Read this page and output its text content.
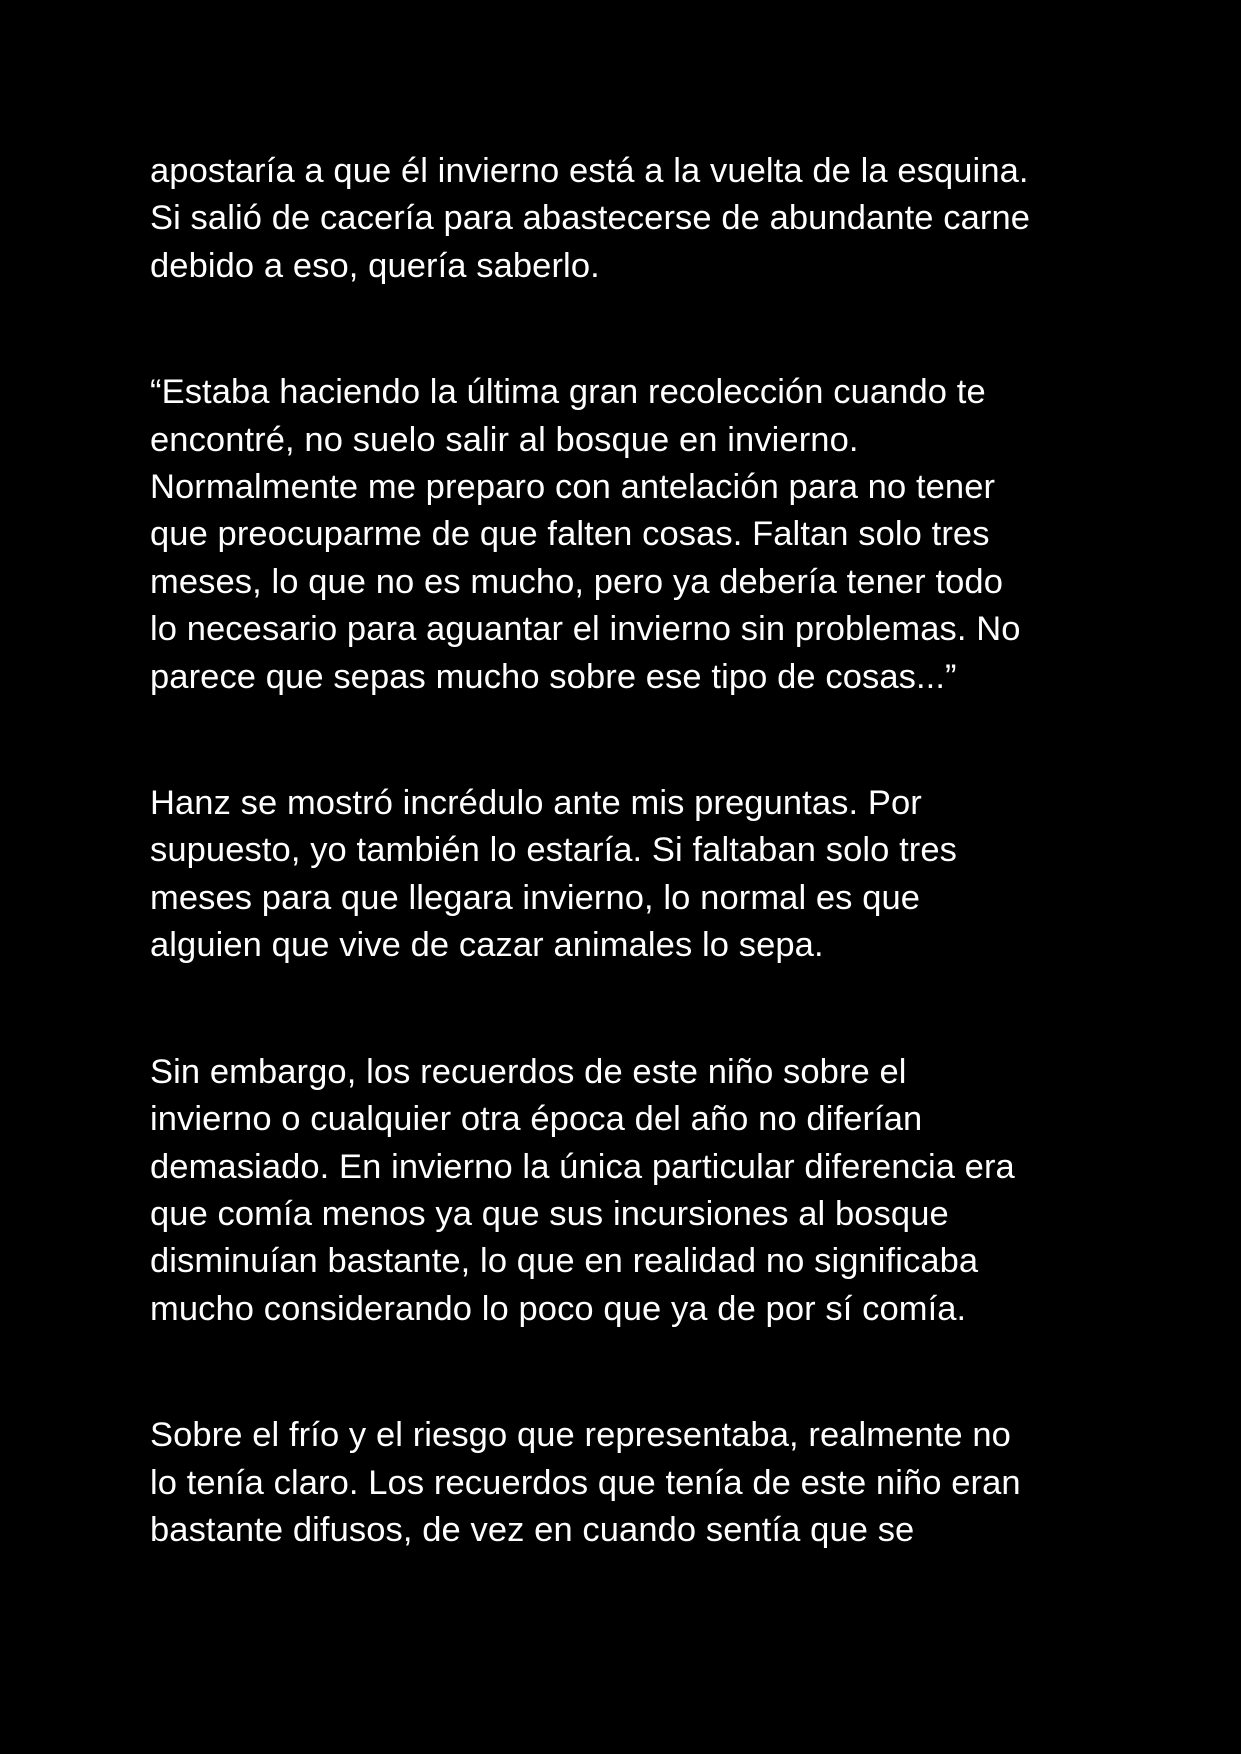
apostaría a que él invierno está a la vuelta de la esquina.
Si salió de cacería para abastecerse de abundante carne
debido a eso, quería saberlo.

“Estaba haciendo la última gran recolección cuando te
encontré, no suelo salir al bosque en invierno.
Normalmente me preparo con antelación para no tener
que preocuparme de que falten cosas. Faltan solo tres
meses, lo que no es mucho, pero ya debería tener todo
lo necesario para aguantar el invierno sin problemas. No
parece que sepas mucho sobre ese tipo de cosas...”

Hanz se mostró incrédulo ante mis preguntas. Por
supuesto, yo también lo estaría. Si faltaban solo tres
meses para que llegara invierno, lo normal es que
alguien que vive de cazar animales lo sepa.

Sin embargo, los recuerdos de este niño sobre el
invierno o cualquier otra época del año no diferían
demasiado. En invierno la única particular diferencia era
que comía menos ya que sus incursiones al bosque
disminuían bastante, lo que en realidad no significaba
mucho considerando lo poco que ya de por sí comía.

Sobre el frío y el riesgo que representaba, realmente no
lo tenía claro. Los recuerdos que tenía de este niño eran
bastante difusos, de vez en cuando sentía que se
